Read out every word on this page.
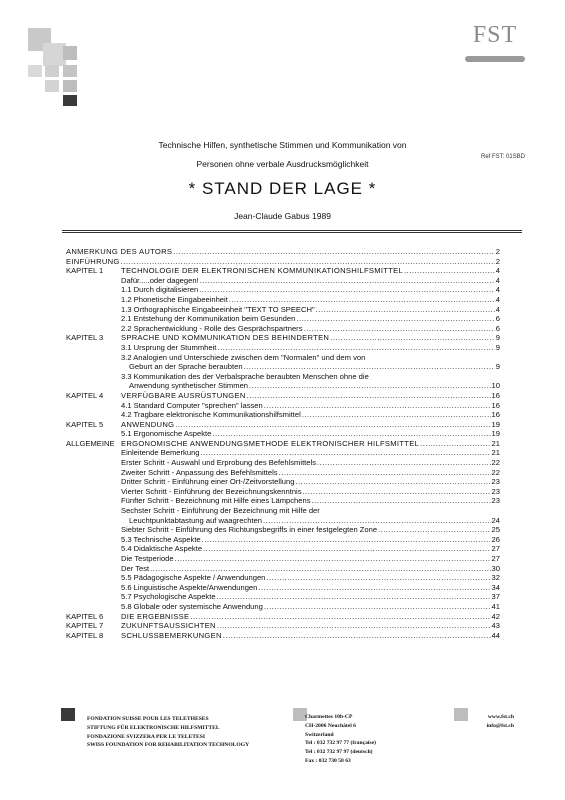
FST
Ref FST: 01SBD
Technische Hilfen, synthetische Stimmen und Kommunikation von
Personen ohne verbale Ausdrucksmöglichkeit
* STAND DER LAGE *
Jean-Claude Gabus 1989
ANMERKUNG DES AUTORS .....	2
EINFÜHRUNG .....	2
KAPITEL 1 TECHNOLOGIE DER ELEKTRONISCHEN KOMMUNIKATIONSHILFSMITTEL .....	4
Dafür.....oder dagegen! .....	4
1.1 Durch digitalisieren .....	4
1.2 Phonetische Eingabeeinheit .....	4
1.3 Orthographische Eingabeeinheit "TEXT TO SPEECH" .....	4
2.1 Entstehung der Kommunikation beim Gesunden .....	6
2.2 Sprachentwicklung - Rolle des Gesprächspartners .....	6
KAPITEL 3 SPRACHE UND KOMMUNIKATION DES BEHINDERTEN .....	9
3.1 Ursprung der Stummheit .....	9
3.2 Analogien und Unterschiede zwischen dem "Normalen" und dem von
Geburt an der Sprache beraubten .....	9
3.3 Kommunikation des der Verbalsprache beraubten Menschen ohne die
Anwendung synthetischer Stimmen .....	10
KAPITEL 4 VERFÜGBARE AUSRÜSTUNGEN .....	16
4.1 Standard Computer "sprechen" lassen .....	16
4.2 Tragbare elektronische Kommunikationshilfsmittel .....	16
KAPITEL 5 ANWENDUNG .....	19
5.1 Ergonomische Aspekte .....	19
ALLGEMEINE ERGONOMISCHE ANWENDUNGSMETHODE ELEKTRONISCHER HILFSMITTEL .....	21
Einleitende Bemerkung .....	21
Erster Schritt - Auswahl und Erprobung des Befehlsmittels .....	22
Zweiter Schritt - Anpassung des Befehlsmittels .....	22
Dritter Schritt - Einführung einer Ort-/Zeitvorstellung .....	23
Vierter Schritt - Einführung der Bezeichnungskenntnis .....	23
Fünfter Schritt - Bezeichnung mit Hilfe eines Lämpchens .....	23
Sechster Schritt - Einführung der Bezeichnung mit Hilfe der
Leuchtpunktabtastung auf waagrechten .....	24
Siebter Schritt - Einführung des Richtungsbegriffs in einer festgelegten Zone .....	25
5.3 Technische Aspekte .....	26
5.4 Didaktische Aspekte .....	27
Die Testperiode .....	27
Der Test .....	30
5.5 Pädagogische Aspekte / Anwendungen .....	32
5.6 Linguistische Aspekte/Anwendungen .....	34
5.7 Psychologische Aspekte .....	37
5.8 Globale oder systemische Anwendung .....	41
KAPITEL 6 DIE ERGEBNISSE .....	42
KAPITEL 7 ZUKUNFTSAUSSICHTEN .....	43
KAPITEL 8 SCHLUSSBEMERKUNGEN .....	44
FONDATION SUISSE POUR LES TELETHESES
STIFTUNG FÜR ELEKTRONISCHE HILFSMITTEL
FONDAZIONE SVIZZERA PER LE TELETESI
SWISS FOUNDATION FOR REHABILITATION TECHNOLOGY
Charmettes 10b-CP
CH-2006 Neuchâtel 6
Switzerland
Tel : 032 732 97 77 (française)
Tel : 032 732 97 97 (deutsch)
Fax : 032 730 58 63
www.fst.ch
info@fst.ch
